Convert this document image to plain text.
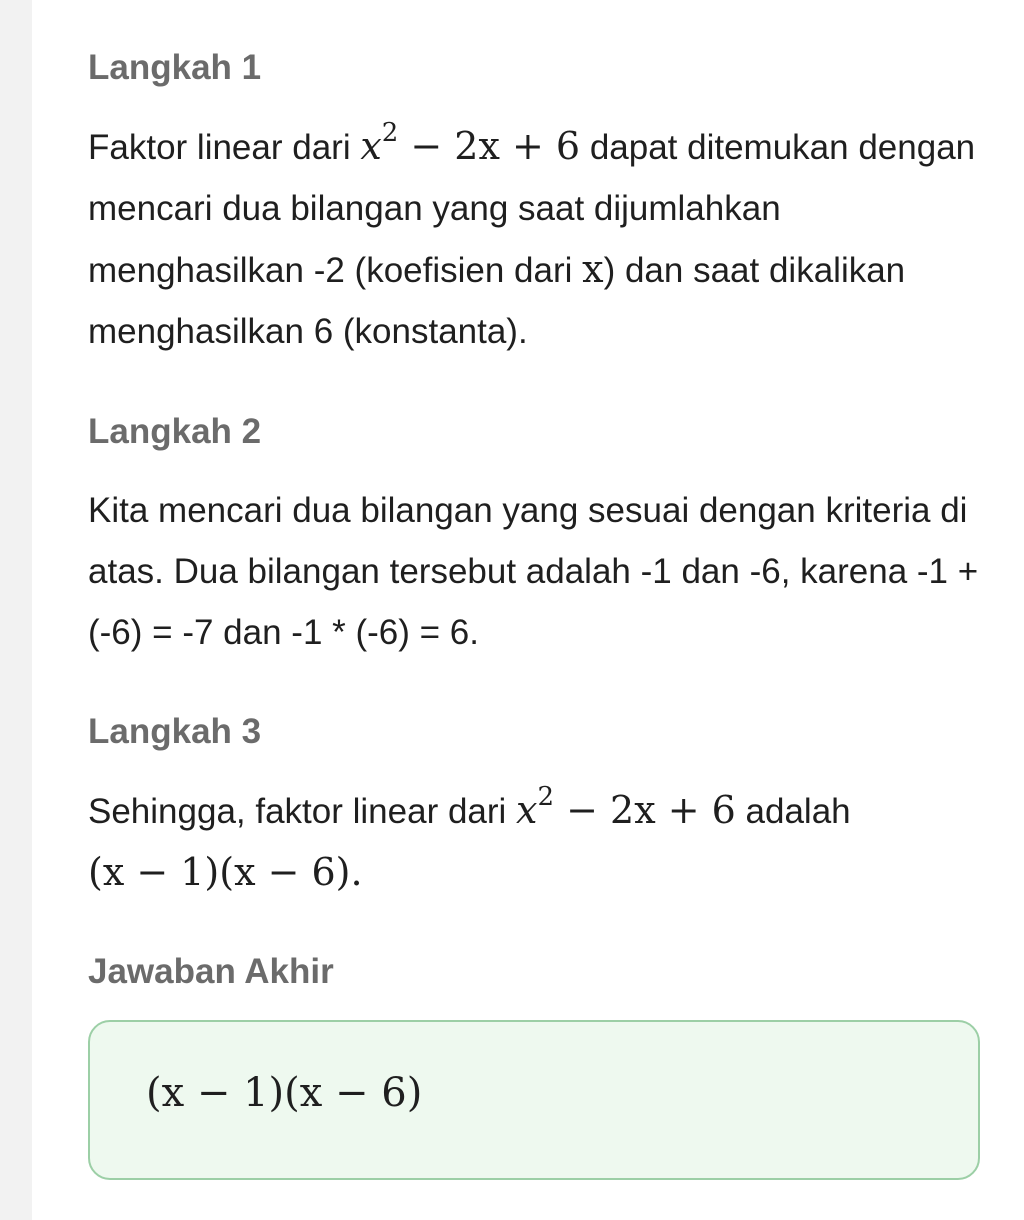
Langkah 1

Faktor linear dari $x^2 - 2x + 6$ dapat ditemukan dengan mencari dua bilangan yang saat dijumlahkan menghasilkan -2 (koefisien dari x) dan saat dikalikan menghasilkan 6 (konstanta).

Langkah 2

Kita mencari dua bilangan yang sesuai dengan kriteria di atas. Dua bilangan tersebut adalah -1 dan -6, karena -1 + (-6) = -7 dan -1 * (-6) = 6.

Langkah 3

Sehingga, faktor linear dari $x^2 - 2x + 6$ adalah
(x − 1)(x − 6).

Jawaban Akhir
(x − 1)(x − 6)
